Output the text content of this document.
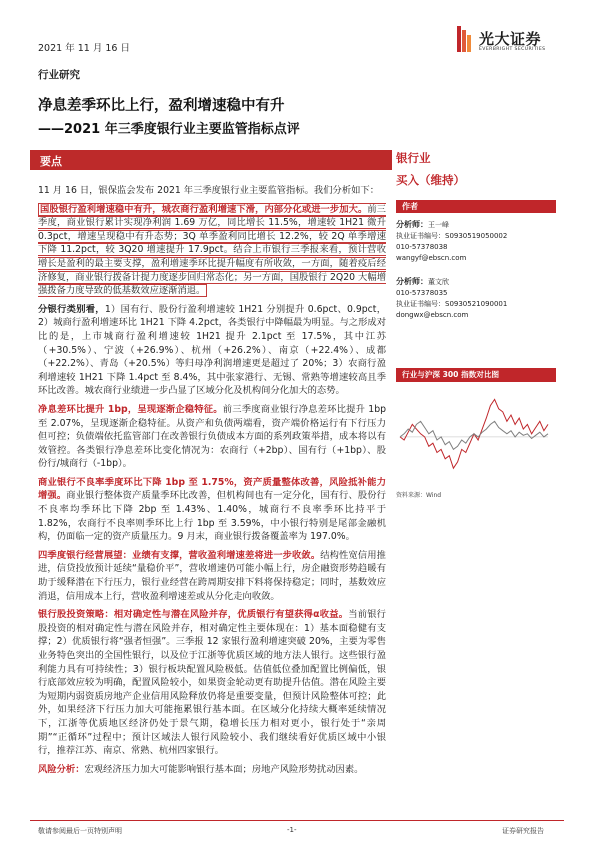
2021 年 11 月 16 日
光大证券
EVERBRIGHT SECURITIES
行业研究
净息差季环比上行，盈利增速稳中有升
——2021 年三季度银行业主要监管指标点评
要点

11 月 16 日，银保监会发布 2021 年三季度银行业主要监管指标。我们分析如下：

国股银行盈利增速稳中有升，城农商行盈利增速下滑，内部分化或进一步加大。前三季度，商业银行累计实现净利润 1.69 万亿，同比增长 11.5%，增速较 1H21 微升 0.3pct，增速呈现稳中有升态势；3Q 单季盈利同比增长 12.2%，较 2Q 单季增速下降 11.2pct，较 3Q20 增速提升 17.9pct。结合上市银行三季报来看，预计营收增长是盈利的最主要支撑，盈利增速季环比提升幅度有所收敛，一方面，随着疫后经济修复，商业银行拨备计提力度逐步回归常态化；另一方面，国股银行 2Q20 大幅增强拨备力度导致的低基数效应逐渐消退。

分银行类别看，1）国有行、股份行盈利增速较 1H21 分别提升 0.6pct、0.9pct，2）城商行盈利增速环比 1H21 下降 4.2pct，各类银行中降幅最为明显。与之形成对比的是，上市城商行盈利增速较 1H21 提升 2.1pct 至 17.5%，其中江苏（+30.5%）、宁波（+26.9%）、杭州（+26.2%）、南京（+22.4%）、成都（+22.2%）、青岛（+20.5%）等归母净利润增速更是超过了 20%；3）农商行盈利增速较 1H21 下降 1.4pct 至 8.4%，其中张家港行、无锡、常熟等增速较高且季环比改善。城农商行业绩进一步凸显了区域分化及机构间分化加大的态势。

净息差环比提升 1bp，呈现逐渐企稳特征。前三季度商业银行净息差环比提升 1bp 至 2.07%，呈现逐渐企稳特征。从资产和负债两端看，资产端价格运行有下行压力但可控；负债端依托监管部门在改善银行负债成本方面的系列政策举措，成本将以有效管控。各类银行净息差环比变化情况为：农商行（+2bp）、国有行（+1bp）、股份行/城商行（-1bp）。

商业银行不良率季度环比下降 1bp 至 1.75%，资产质量整体改善，风险抵补能力增强。商业银行整体资产质量季环比改善，但机构间也有一定分化，国有行、股份行不良率均季环比下降 2bp 至 1.43%、1.40%，城商行不良率季环比持平于 1.82%，农商行不良率则季环比上行 1bp 至 3.59%，中小银行特别是尾部金融机构，仍面临一定的资产质量压力。9 月末，商业银行拨备覆盖率为 197.0%。

四季度银行经营展望：业绩有支撑，营收盈利增速差将进一步收敛。结构性宽信用推进，信贷投放预计延续“量稳价平”，营收增速仍可能小幅上行，房企融资形势趋暖有助于缓释潜在下行压力，银行业经营在跨周期安排下料将保持稳定；同时，基数效应消退，信用成本上行，营收盈利增速差或从分化走向收敛。

银行股投资策略：相对确定性与潜在风险并存，优质银行有望获得α收益。当前银行股投资的相对确定性与潜在风险并存，相对确定性主要体现在：1）基本面稳健有支撑；2）优质银行将“强者恒强”。三季报 12 家银行盈利增速突破 20%，主要为零售业务特色突出的全国性银行，以及位于江浙等优质区域的地方法人银行。这些银行盈利能力具有可持续性；3）银行板块配置风险极低。估值低位叠加配置比例偏低，银行底部效应较为明确，配置风险较小，如果资金轮动更有助提升估值。潜在风险主要为短期内弱资质房地产企业信用风险释放仍将是重要变量，但预计风险整体可控；此外，如果经济下行压力加大可能拖累银行基本面。在区域分化持续大概率延续情况下，江浙等优质地区经济仍处于景气期，稳增长压力相对更小，银行处于“亲周期”“正循环”过程中；预计区域法人银行风险较小、我们继续看好优质区域中小银行，推荐江苏、南京、常熟、杭州四家银行。

风险分析：宏观经济压力加大可能影响银行基本面；房地产风险形势扰动因素。

银行业
买入（维持）
作者
分析师：王一峰
执业证书编号：S0930519050002
010-57378038
wangyf@ebscn.com
分析师：董文欣
010-57378035
执业证书编号：S0930521090001
dongwx@ebscn.com
行业与沪深 300 指数对比图
资料来源：Wind
敬请参阅最后一页特别声明	-1-	证券研究报告
